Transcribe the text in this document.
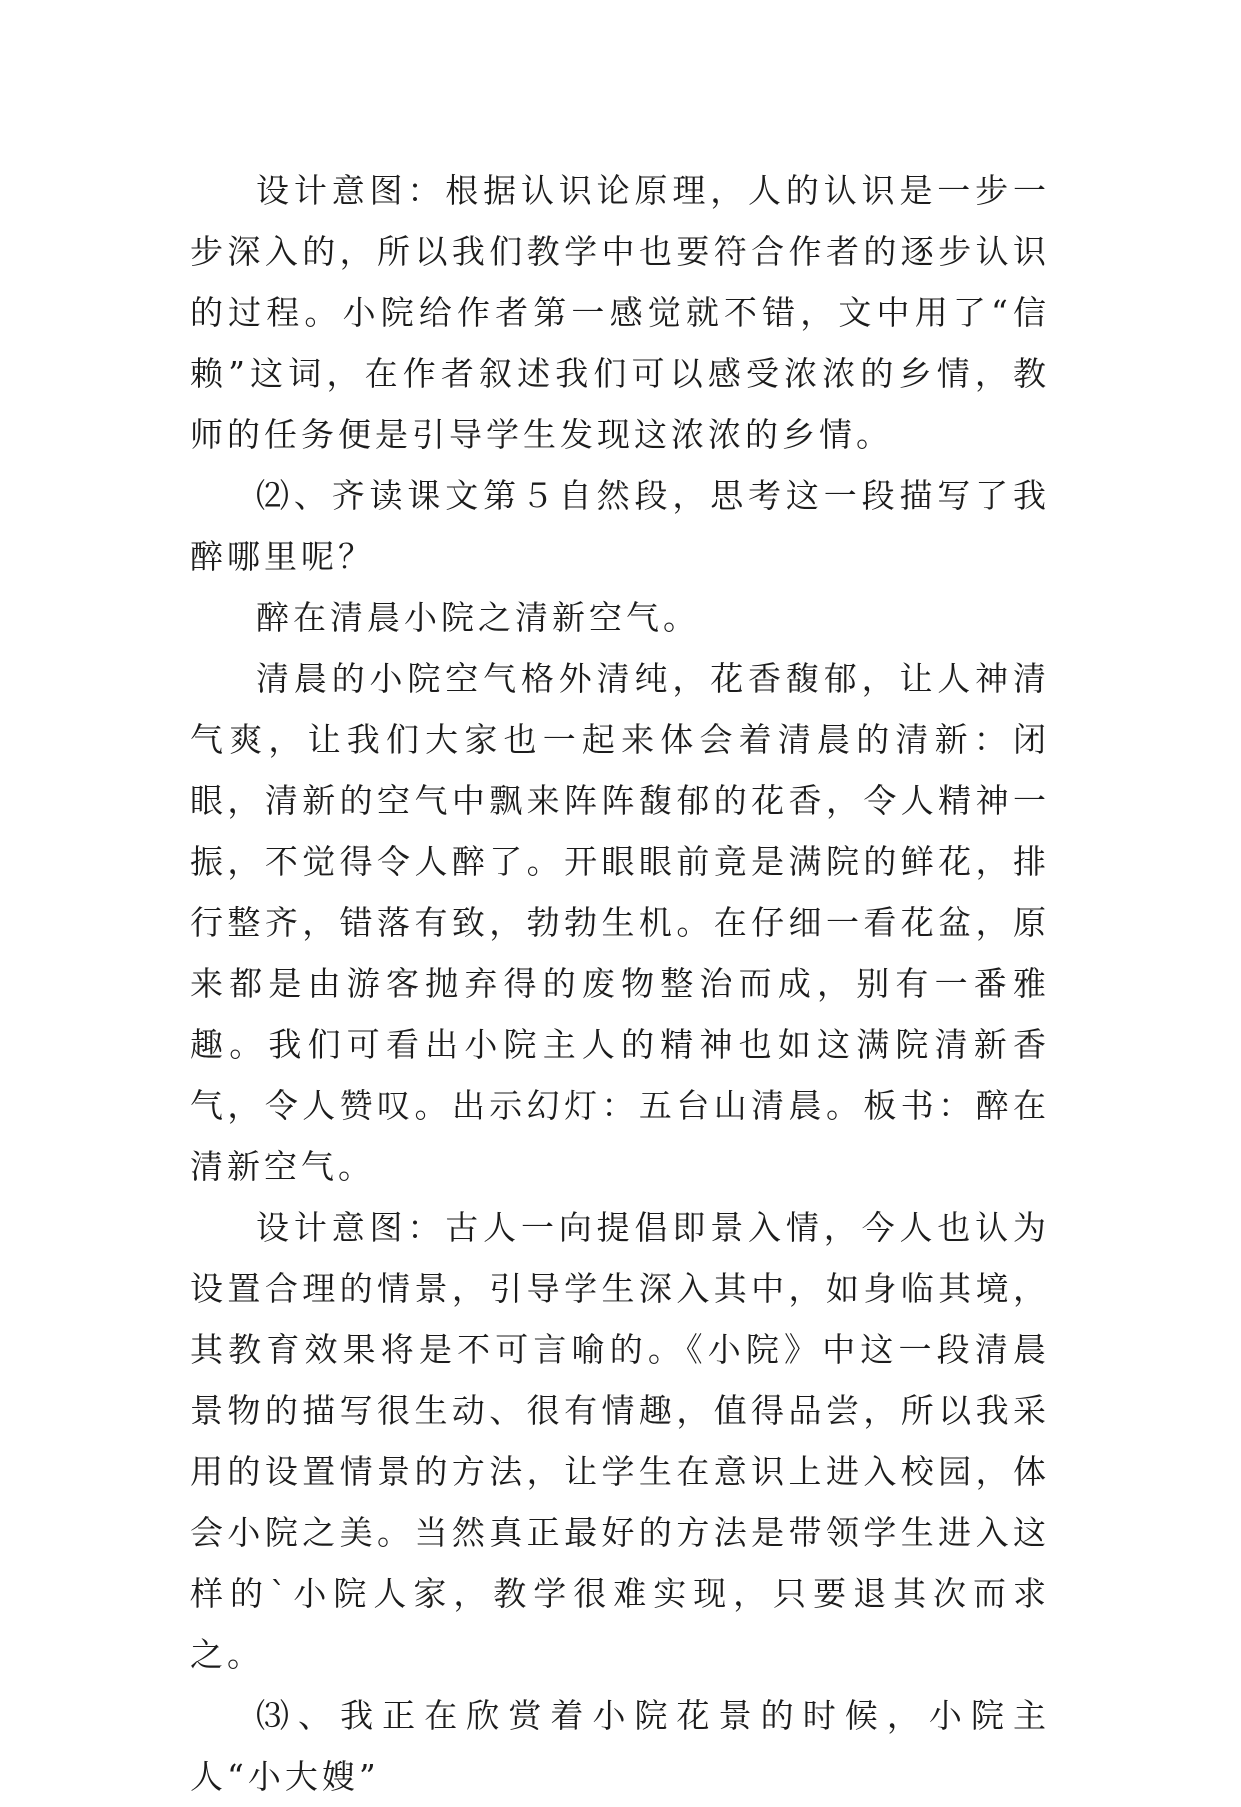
设计意图：根据认识论原理，人的认识是一步一步深入的，所以我们教学中也要符合作者的逐步认识的过程。小院给作者第一感觉就不错，文中用了“信赖”这词，在作者叙述我们可以感受浓浓的乡情，教师的任务便是引导学生发现这浓浓的乡情。

⑵、齐读课文第５自然段，思考这一段描写了我醉哪里呢？

醉在清晨小院之清新空气。

清晨的小院空气格外清纯，花香馥郁，让人神清气爽，让我们大家也一起来体会着清晨的清新：闭眼，清新的空气中飘来阵阵馥郁的花香，令人精神一振，不觉得令人醉了。开眼眼前竟是满院的鲜花，排行整齐，错落有致，勃勃生机。在仔细一看花盆，原来都是由游客抛弃得的废物整治而成，别有一番雅趣。我们可看出小院主人的精神也如这满院清新香气，令人赞叹。出示幻灯：五台山清晨。板书：醉在清新空气。

设计意图：古人一向提倡即景入情，今人也认为设置合理的情景，引导学生深入其中，如身临其境，其教育效果将是不可言喻的。《小院》中这一段清晨景物的描写很生动、很有情趣，值得品尝，所以我采用的设置情景的方法，让学生在意识上进入校园，体会小院之美。当然真正最好的方法是带领学生进入这样的`小院人家，教学很难实现，只要退其次而求之。

⑶、我正在欣赏着小院花景的时候，小院主人“小大嫂”
